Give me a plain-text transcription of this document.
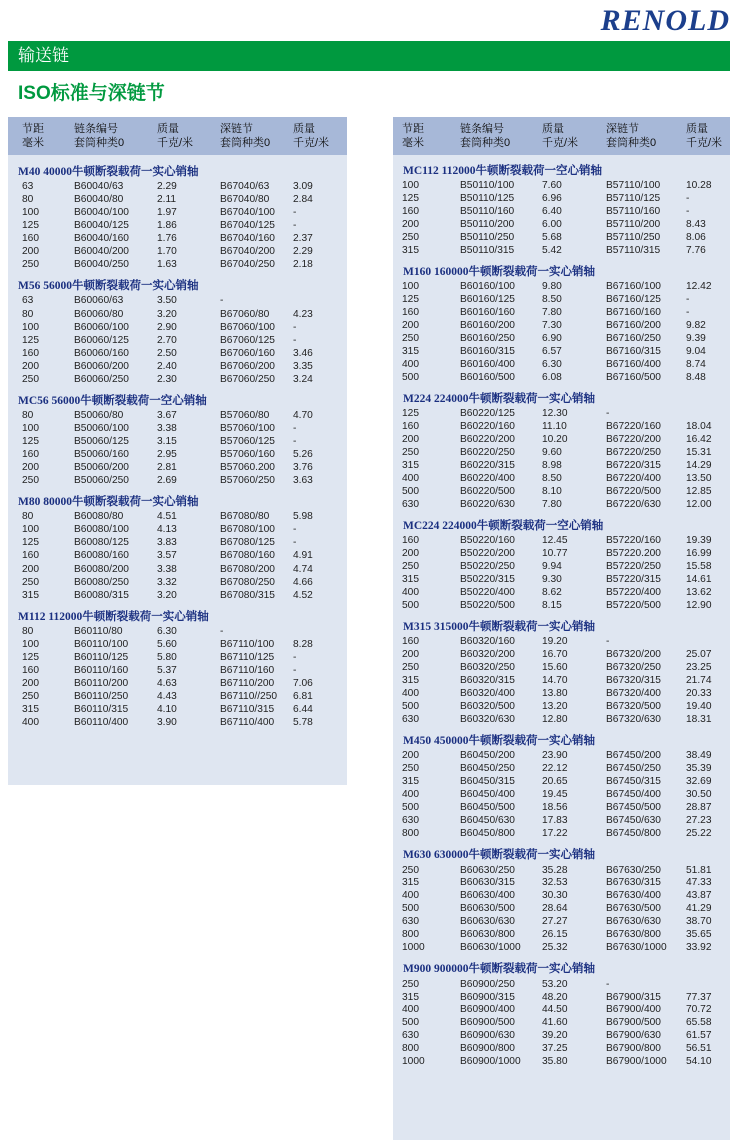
RENOLD
输送链
ISO标准与深链节
节距
毫米
链条编号
套筒种类0
质量
千克/米
深链节
套筒种类0
质量
千克/米
M40 40000牛顿断裂载荷一实心销轴
63	B60040/63	2.29	B67040/63 3.09
80	B60040/80	2.11	B67040/80 2.84
100	B60040/100	1.97	B67040/100 -
125	B60040/125	1.86	B67040/125 -
160	B60040/160	1.76	B67040/160 2.37
200	B60040/200	1.70	B67040/200 2.29
250	B60040/250	1.63	B67040/250 2.18
M56 56000牛顿断裂载荷一实心销轴
63	B60060/63	3.50	-
80	B60060/80	3.20	B67060/80 4.23
100	B60060/100	2.90	B67060/100 -
125	B60060/125	2.70	B67060/125 -
160	B60060/160	2.50	B67060/160 3.46
200	B60060/200	2.40	B67060/200 3.35
250	B60060/250	2.30	B67060/250 3.24
MC56 56000牛顿断裂载荷一空心销轴
80	B50060/80	3.67	B57060/80 4.70
100	B50060/100	3.38	B57060/100 -
125	B50060/125	3.15	B57060/125 -
160	B50060/160	2.95	B57060/160 5.26
200	B50060/200	2.81	B57060.200 3.76
250	B50060/250	2.69	B57060/250 3.63
M80 80000牛顿断裂载荷一实心销轴
80	B60080/80	4.51	B67080/80 5.98
100	B60080/100	4.13	B67080/100 -
125	B60080/125	3.83	B67080/125 -
160	B60080/160	3.57	B67080/160 4.91
200	B60080/200	3.38	B67080/200 4.74
250	B60080/250	3.32	B67080/250 4.66
315	B60080/315	3.20	B67080/315 4.52
M112 112000牛顿断裂载荷一实心销轴
80	B60110/80	6.30	-
100	B60110/100	5.60	B67110/100 8.28
125	B60110/125	5.80	B67110/125 -
160	B60110/160	5.37	B67110/160 -
200	B60110/200	4.63	B67110/200 7.06
250	B60110/250	4.43	B67110//250 6.81
315	B60110/315	4.10	B67110/315 6.44
400	B60110/400	3.90	B67110/400 5.78
节距
毫米
链条编号
套筒种类0
质量
千克/米
深链节
套筒种类0
质量
千克/米
MC112 112000牛顿断裂载荷一空心销轴
100	B50110/100	7.60	B57110/100	10.28
125	B50110/125	6.96	B57110/125	-
160	B50110/160	6.40	B57110/160	-
200	B50110/200	6.00	B57110/200	8.43
250	B50110/250	5.68	B57110/250	8.06
315	B50110/315	5.42	B57110/315	7.76
M160 160000牛顿断裂载荷一实心销轴
100	B60160/100	9.80	B67160/100 12.42
125	B60160/125	8.50	B67160/125 -
160	B60160/160	7.80	B67160/160 -
200	B60160/200	7.30	B67160/200 9.82
250	B60160/250	6.90	B67160/250 9.39
315	B60160/315	6.57	B67160/315 9.04
400	B60160/400	6.30	B67160/400 8.74
500	B60160/500	6.08	B67160/500 8.48
M224 224000牛顿断裂载荷一实心销轴
125	B60220/125	12.30	-
160	B60220/160	11.10	B67220/160 18.04
200	B60220/200	10.20	B67220/200 16.42
250	B60220/250	9.60	B67220/250 15.31
315	B60220/315	8.98	B67220/315 14.29
400	B60220/400	8.50	B67220/400 13.50
500	B60220/500	8.10	B67220/500 12.85
630	B60220/630	7.80	B67220/630 12.00
MC224 224000牛顿断裂载荷一空心销轴
160	B50220/160	12.45	B57220/160 19.39
200	B50220/200	10.77	B57220.200 16.99
250	B50220/250	9.94	B57220/250 15.58
315	B50220/315	9.30	B57220/315 14.61
400	B50220/400	8.62	B57220/400 13.62
500	B50220/500	8.15	B57220/500 12.90
M315 315000牛顿断裂载荷一实心销轴
160	B60320/160	19.20	-
200	B60320/200	16.70	B67320/200 25.07
250	B60320/250	15.60	B67320/250 23.25
315	B60320/315	14.70	B67320/315 21.74
400	B60320/400	13.80	B67320/400 20.33
500	B60320/500	13.20	B67320/500 19.40
630	B60320/630	12.80	B67320/630 18.31
M450 450000牛顿断裂载荷一实心销轴
200	B60450/200	23.90	B67450/200 38.49
250	B60450/250	22.12	B67450/250 35.39
315	B60450/315	20.65	B67450/315 32.69
400	B60450/400	19.45	B67450/400 30.50
500	B60450/500	18.56	B67450/500 28.87
630	B60450/630	17.83	B67450/630 27.23
800	B60450/800	17.22	B67450/800 25.22
M630 630000牛顿断裂载荷一实心销轴
250	B60630/250	35.28	B67630/250 51.81
315	B60630/315	32.53	B67630/315 47.33
400	B60630/400	30.30	B67630/400 43.87
500	B60630/500	28.64	B67630/500 41.29
630	B60630/630	27.27	B67630/630 38.70
800	B60630/800	26.15	B67630/800 35.65
1000	B60630/1000 25.32	B67630/1000 33.92
M900 900000牛顿断裂载荷一实心销轴
250	B60900/250	53.20	-
315	B60900/315	48.20	B67900/315 77.37
400	B60900/400	44.50	B67900/400 70.72
500	B60900/500	41.60	B67900/500 65.58
630	B60900/630	39.20	B67900/630 61.57
800	B60900/800	37.25	B67900/800 56.51
1000	B60900/1000 35.80	B67900/1000 54.10
